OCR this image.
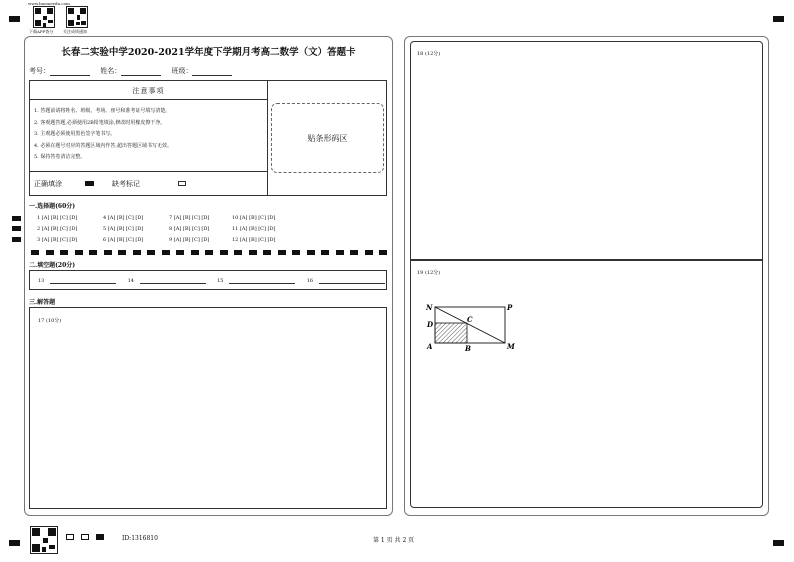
www.baomeedu.com
下载APP查分 关注成绩通知
长春二实验中学2020-2021学年度下学期月考高二数学（文）答题卡
考号：	姓名：	班级：
注意事项
1. 答题前请将姓名、班级、考场、座号和准考证号填写清楚。
2. 客观题答题,必须使用2B铅笔填涂,修改时用橡皮擦干净。
3. 主观题必须使用黑色签字笔书写。
4. 必须在题号对应的答题区域内作答,超出答题区域书写无效。
5. 保持答卷清洁完整。
正确填涂	缺考标记
贴条形码区
一.选择题(60分)
1 [A] [B] [C] [D]	4 [A] [B] [C] [D]	7 [A] [B] [C] [D]	10 [A] [B] [C] [D]
2 [A] [B] [C] [D]	5 [A] [B] [C] [D]	8 [A] [B] [C] [D]	11 [A] [B] [C] [D]
3 [A] [B] [C] [D]	6 [A] [B] [C] [D]	9 [A] [B] [C] [D]	12 [A] [B] [C] [D]
二.填空题(20分)
13	14	15	16
三.解答题
17 (10分)
18 (12分)
19 (12分)
N	P
D
C
A	B	M
ID:1316810	第 1 页 共 2 页
